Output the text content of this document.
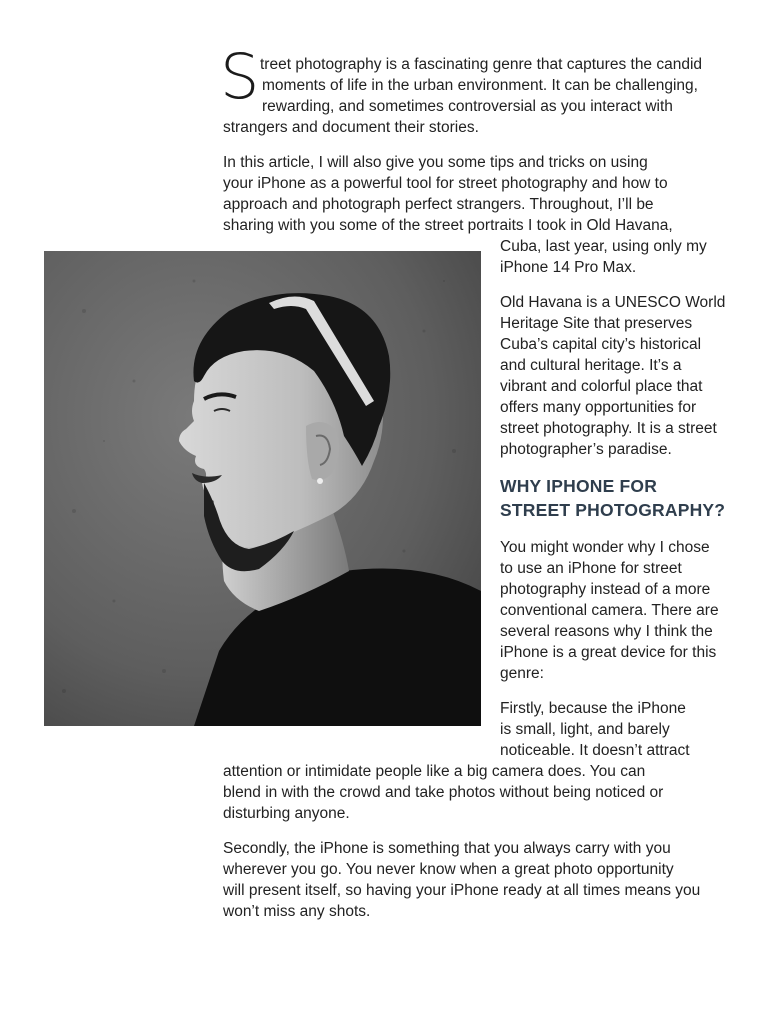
S treet photography is a fascinating genre that captures the candid
moments of life in the urban environment. It can be challenging,
rewarding, and sometimes controversial as you interact with
strangers and document their stories.
In this article, I will also give you some tips and tricks on using
your iPhone as a powerful tool for street photography and how to
approach and photograph perfect strangers. Throughout, I’ll be
sharing with you some of the street portraits I took in Old Havana,
Cuba, last year, using only my
iPhone 14 Pro Max.
Old Havana is a UNESCO World
Heritage Site that preserves
Cuba’s capital city’s historical
and cultural heritage. It’s a
vibrant and colorful place that
offers many opportunities for
street photography. It is a street
photographer’s paradise.
WHY IPHONE FOR
STREET PHOTOGRAPHY?
You might wonder why I chose
to use an iPhone for street
photography instead of a more
conventional camera. There are
several reasons why I think the
iPhone is a great device for this
genre:
Firstly, because the iPhone
is small, light, and barely
noticeable. It doesn’t attract
attention or intimidate people like a big camera does. You can
blend in with the crowd and take photos without being noticed or
disturbing anyone.
Secondly, the iPhone is something that you always carry with you
wherever you go. You never know when a great photo opportunity
will present itself, so having your iPhone ready at all times means you
won’t miss any shots.
